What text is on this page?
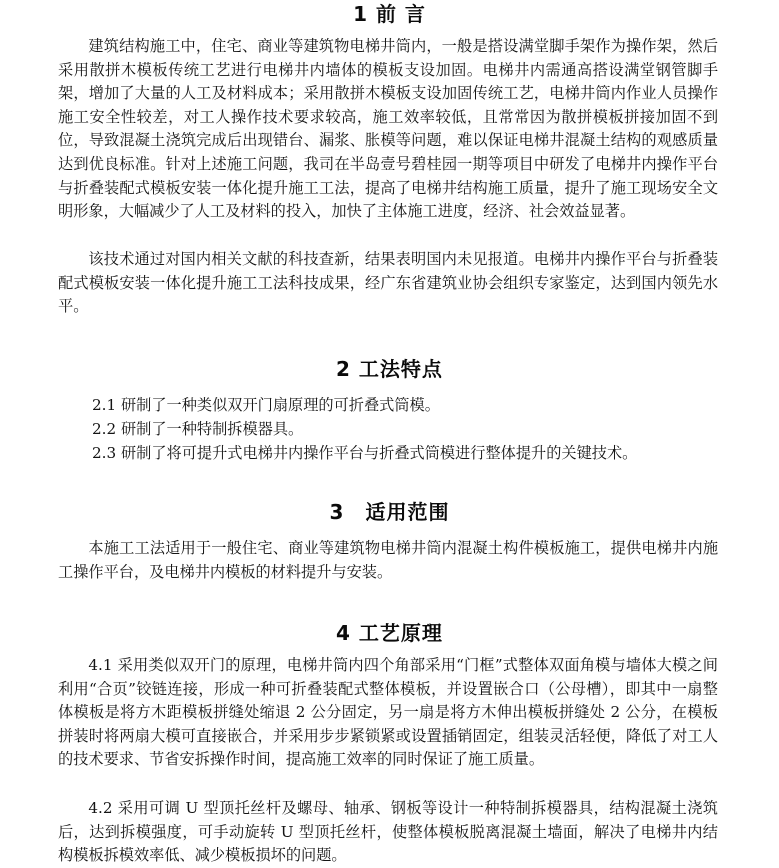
1 前 言

建筑结构施工中，住宅、商业等建筑物电梯井筒内，一般是搭设满堂脚手架作为操作架，然后采用散拼木模板传统工艺进行电梯井内墙体的模板支设加固。电梯井内需通高搭设满堂钢管脚手架，增加了大量的人工及材料成本；采用散拼木模板支设加固传统工艺，电梯井筒内作业人员操作施工安全性较差，对工人操作技术要求较高，施工效率较低，且常常因为散拼模板拼接加固不到位，导致混凝土浇筑完成后出现错台、漏浆、胀模等问题，难以保证电梯井混凝土结构的观感质量达到优良标准。针对上述施工问题，我司在半岛壹号碧桂园一期等项目中研发了电梯井内操作平台与折叠装配式模板安装一体化提升施工工法，提高了电梯井结构施工质量，提升了施工现场安全文明形象，大幅减少了人工及材料的投入，加快了主体施工进度，经济、社会效益显著。

该技术通过对国内相关文献的科技查新，结果表明国内未见报道。电梯井内操作平台与折叠装配式模板安装一体化提升施工工法科技成果，经广东省建筑业协会组织专家鉴定，达到国内领先水平。

2 工法特点
2.1 研制了一种类似双开门扇原理的可折叠式筒模。
2.2 研制了一种特制拆模器具。
2.3 研制了将可提升式电梯井内操作平台与折叠式筒模进行整体提升的关键技术。
3　适用范围

本施工工法适用于一般住宅、商业等建筑物电梯井筒内混凝土构件模板施工，提供电梯井内施工操作平台，及电梯井内模板的材料提升与安装。

4 工艺原理

4.1 采用类似双开门的原理，电梯井筒内四个角部采用“门框”式整体双面角模与墙体大模之间利用“合页”铰链连接，形成一种可折叠装配式整体模板，并设置嵌合口（公母槽），即其中一扇整体模板是将方木距模板拼缝处缩退 2 公分固定，另一扇是将方木伸出模板拼缝处 2 公分，在模板拼装时将两扇大模可直接嵌合，并采用步步紧锁紧或设置插销固定，组装灵活轻便，降低了对工人的技术要求、节省安拆操作时间，提高施工效率的同时保证了施工质量。

4.2 采用可调 U 型顶托丝杆及螺母、轴承、钢板等设计一种特制拆模器具，结构混凝土浇筑后，达到拆模强度，可手动旋转 U 型顶托丝杆，使整体模板脱离混凝土墙面，解决了电梯井内结构模板拆模效率低、减少模板损坏的问题。
